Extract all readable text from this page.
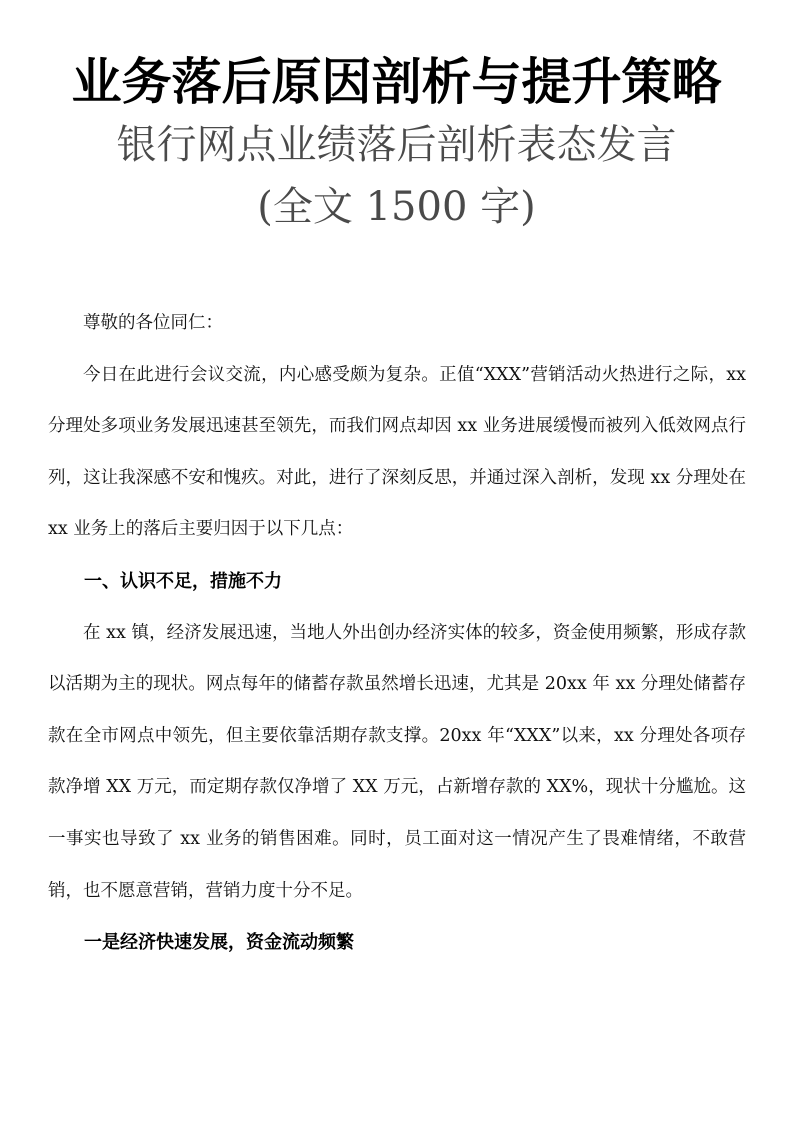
业务落后原因剖析与提升策略
银行网点业绩落后剖析表态发言
(全文 1500 字)

尊敬的各位同仁：

今日在此进行会议交流，内心感受颇为复杂。正值“XXX”营销活动火热进行之际，xx 分理处多项业务发展迅速甚至领先，而我们网点却因 xx 业务进展缓慢而被列入低效网点行列，这让我深感不安和愧疚。对此，进行了深刻反思，并通过深入剖析，发现 xx 分理处在 xx 业务上的落后主要归因于以下几点：

一、认识不足，措施不力

在 xx 镇，经济发展迅速，当地人外出创办经济实体的较多，资金使用频繁，形成存款以活期为主的现状。网点每年的储蓄存款虽然增长迅速，尤其是 20xx 年 xx 分理处储蓄存款在全市网点中领先，但主要依靠活期存款支撑。20xx 年“XXX”以来，xx 分理处各项存款净增 XX 万元，而定期存款仅净增了 XX 万元，占新增存款的 XX%，现状十分尴尬。这一事实也导致了 xx 业务的销售困难。同时，员工面对这一情况产生了畏难情绪，不敢营销，也不愿意营销，营销力度十分不足。

一是经济快速发展，资金流动频繁
